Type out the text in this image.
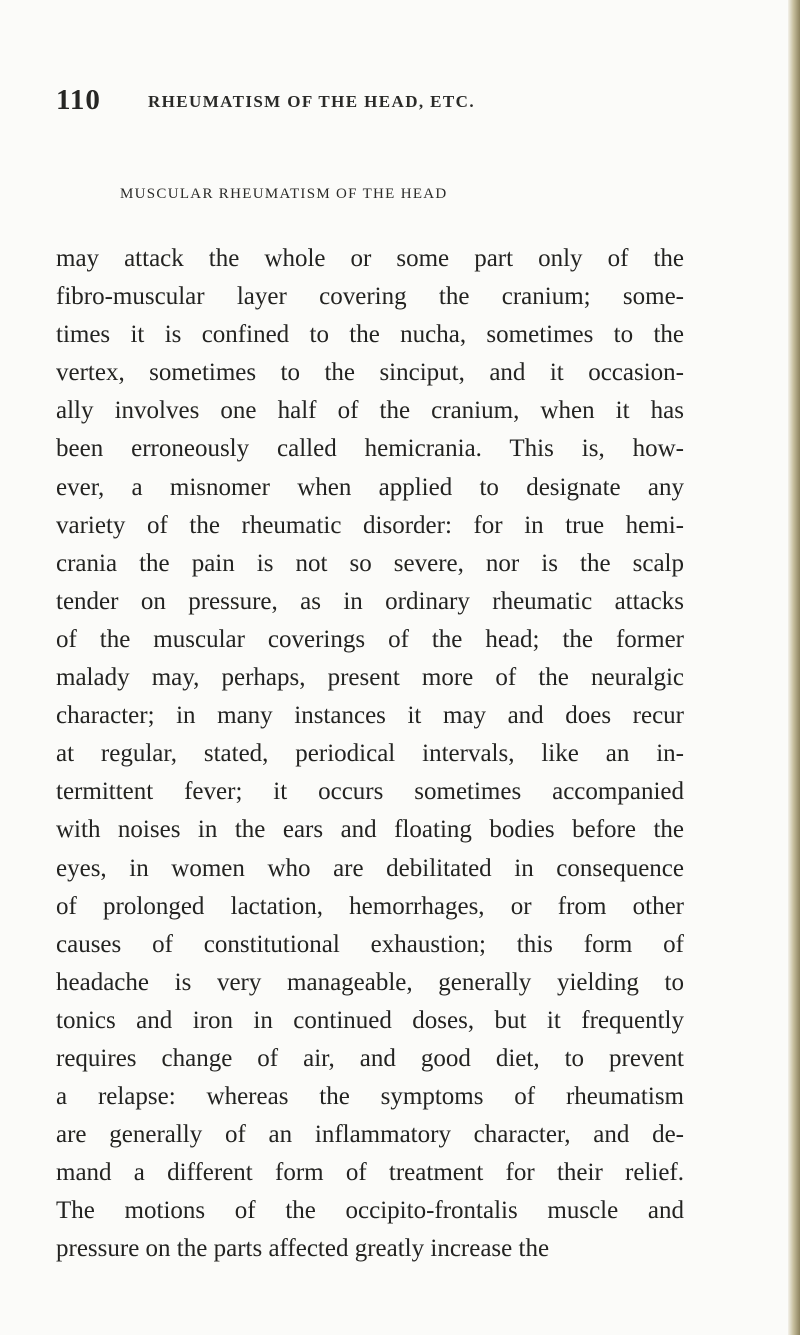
110	RHEUMATISM OF THE HEAD, ETC.
MUSCULAR RHEUMATISM OF THE HEAD
may attack the whole or some part only of the
fibro-muscular layer covering the cranium; some-
times it is confined to the nucha, sometimes to the
vertex, sometimes to the sinciput, and it occasion-
ally involves one half of the cranium, when it has
been erroneously called hemicrania. This is, how-
ever, a misnomer when applied to designate any
variety of the rheumatic disorder: for in true hemi-
crania the pain is not so severe, nor is the scalp
tender on pressure, as in ordinary rheumatic attacks
of the muscular coverings of the head; the former
malady may, perhaps, present more of the neuralgic
character; in many instances it may and does recur
at regular, stated, periodical intervals, like an in-
termittent fever; it occurs sometimes accompanied
with noises in the ears and floating bodies before the
eyes, in women who are debilitated in consequence
of prolonged lactation, hemorrhages, or from other
causes of constitutional exhaustion; this form of
headache is very manageable, generally yielding to
tonics and iron in continued doses, but it frequently
requires change of air, and good diet, to prevent
a relapse: whereas the symptoms of rheumatism
are generally of an inflammatory character, and de-
mand a different form of treatment for their relief.
The motions of the occipito-frontalis muscle and
pressure on the parts affected greatly increase the
